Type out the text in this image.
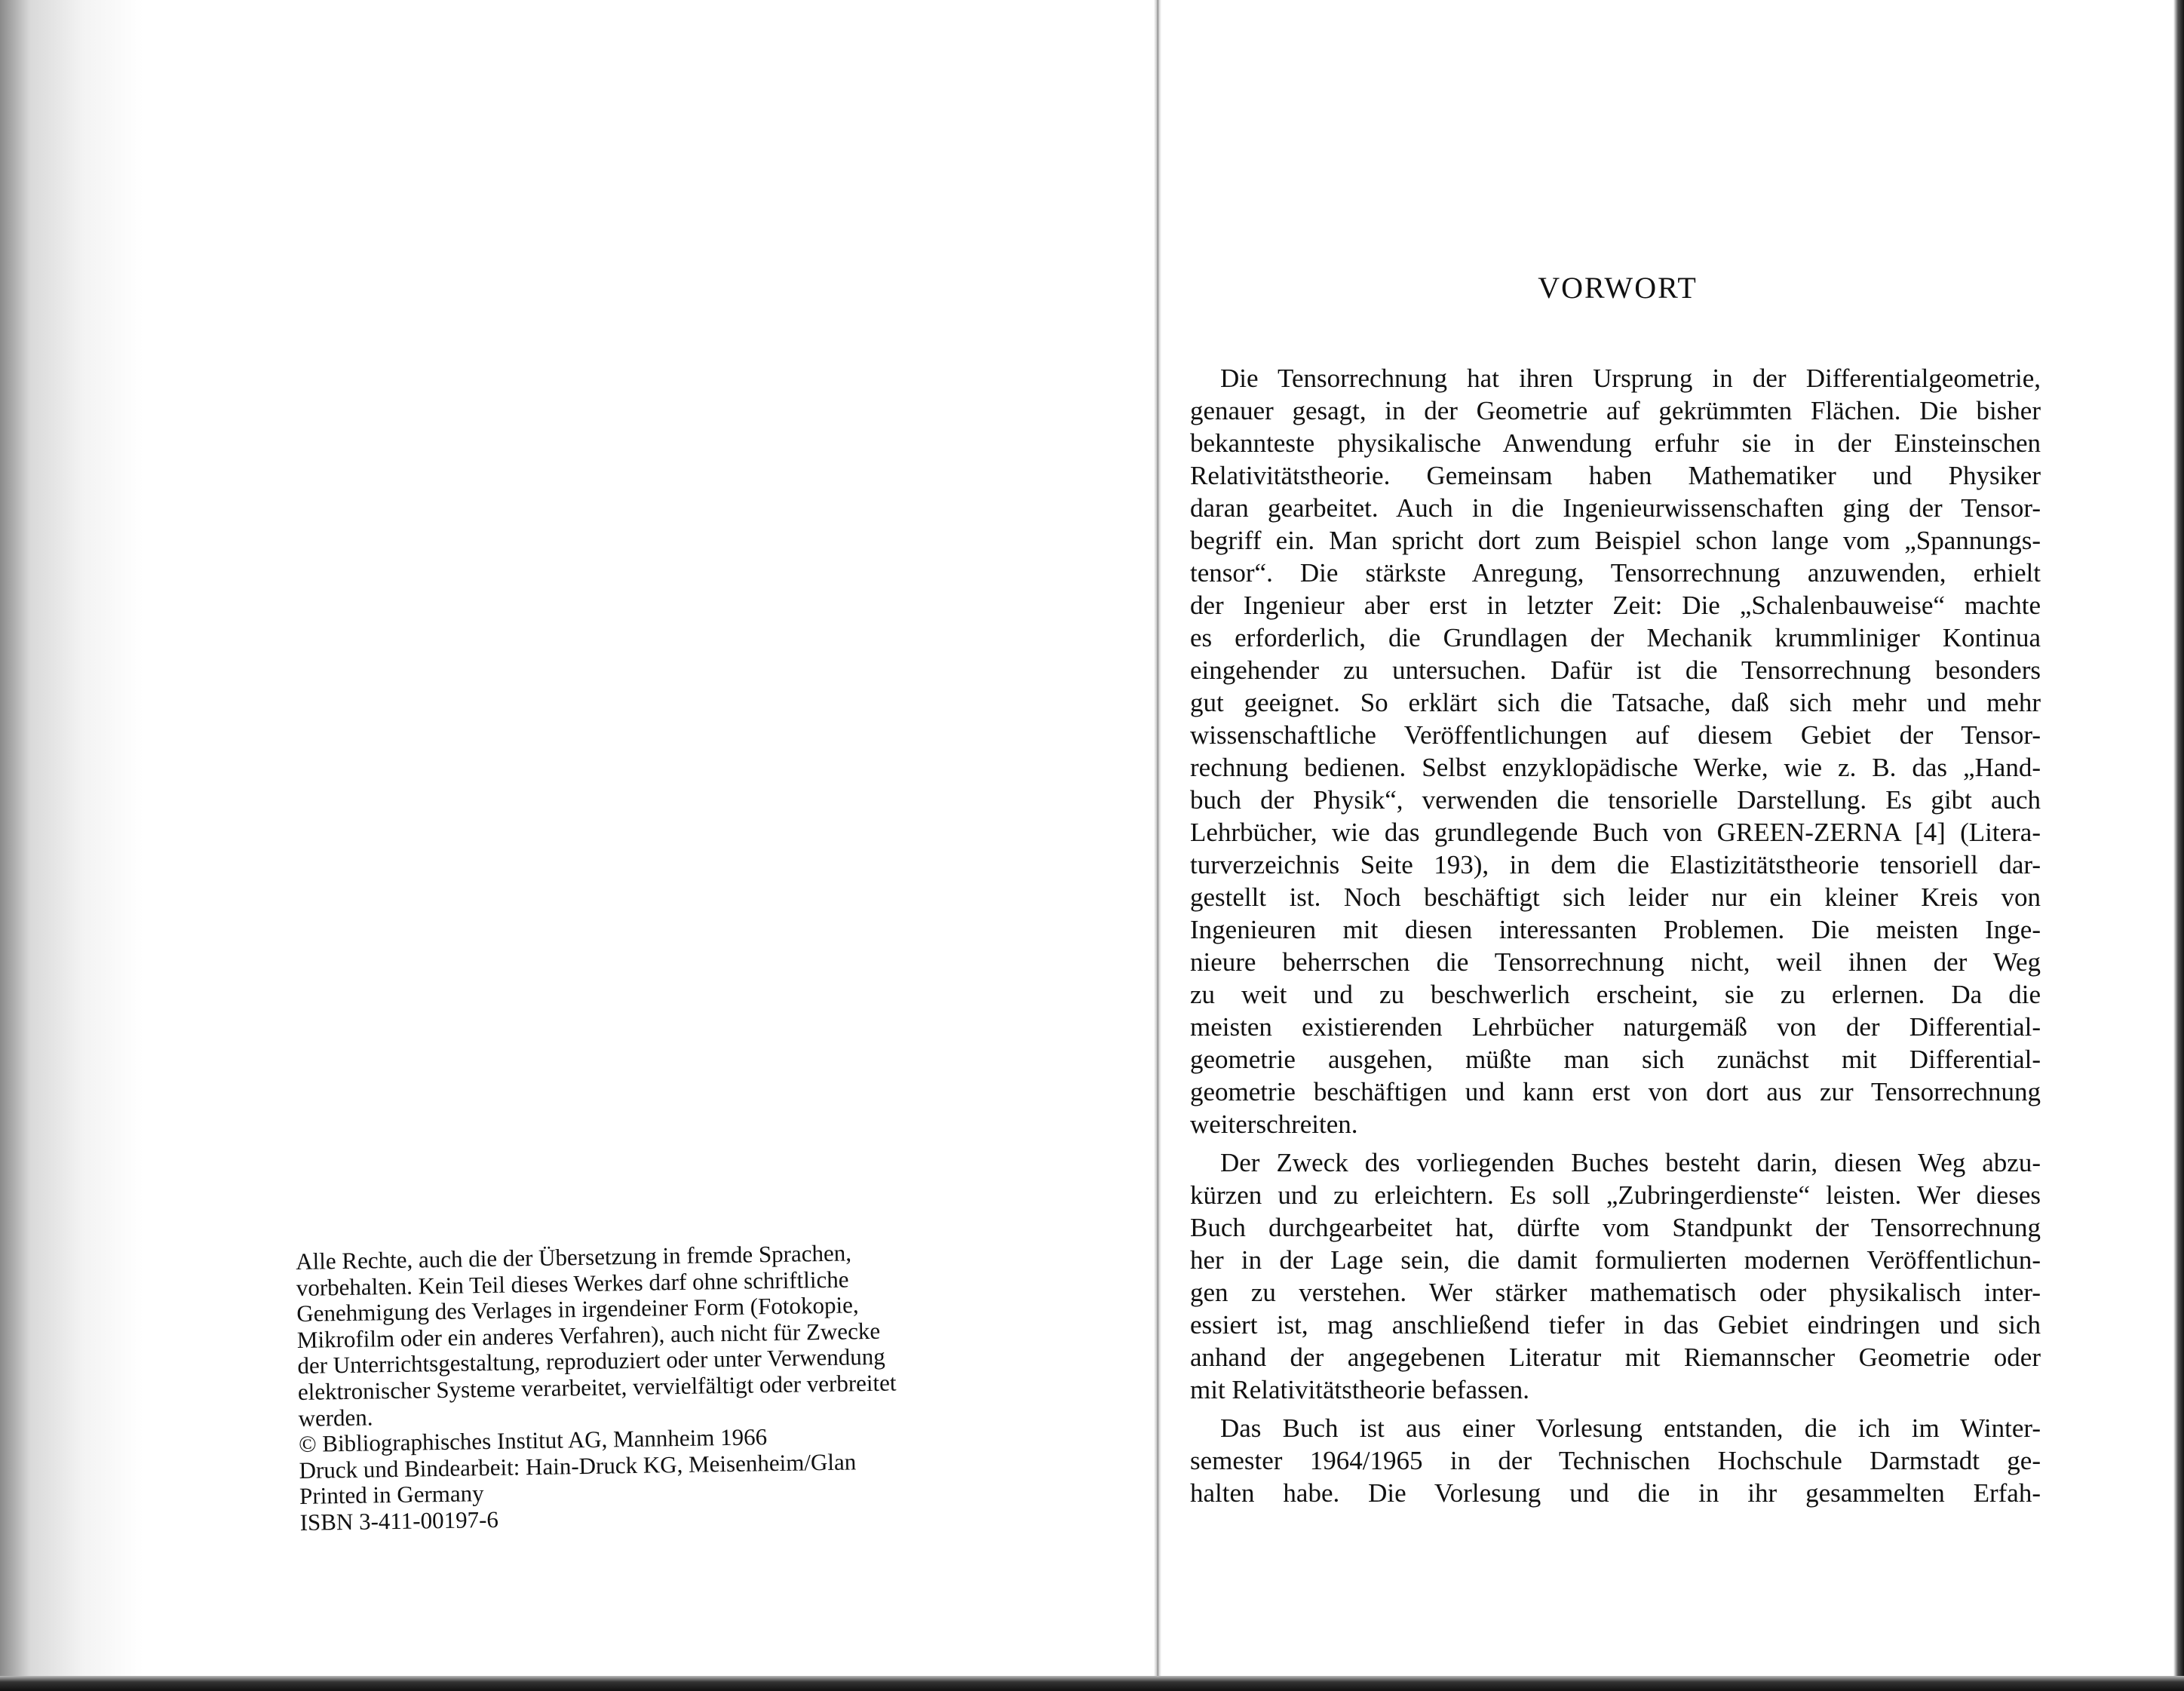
Alle Rechte, auch die der Übersetzung in fremde Sprachen,
vorbehalten. Kein Teil dieses Werkes darf ohne schriftliche
Genehmigung des Verlages in irgendeiner Form (Fotokopie,
Mikrofilm oder ein anderes Verfahren), auch nicht für Zwecke
der Unterrichtsgestaltung, reproduziert oder unter Verwendung
elektronischer Systeme verarbeitet, vervielfältigt oder verbreitet
werden.
© Bibliographisches Institut AG, Mannheim 1966
Druck und Bindearbeit: Hain-Druck KG, Meisenheim/Glan
Printed in Germany
ISBN 3-411-00197-6
VORWORT
Die Tensorrechnung hat ihren Ursprung in der Differentialgeometrie,
genauer gesagt, in der Geometrie auf gekrümmten Flächen. Die bisher
bekannteste physikalische Anwendung erfuhr sie in der Einsteinschen
Relativitätstheorie. Gemeinsam haben Mathematiker und Physiker
daran gearbeitet. Auch in die Ingenieurwissenschaften ging der Tensor-
begriff ein. Man spricht dort zum Beispiel schon lange vom „Spannungs-
tensor“. Die stärkste Anregung, Tensorrechnung anzuwenden, erhielt
der Ingenieur aber erst in letzter Zeit: Die „Schalenbauweise“ machte
es erforderlich, die Grundlagen der Mechanik krummliniger Kontinua
eingehender zu untersuchen. Dafür ist die Tensorrechnung besonders
gut geeignet. So erklärt sich die Tatsache, daß sich mehr und mehr
wissenschaftliche Veröffentlichungen auf diesem Gebiet der Tensor-
rechnung bedienen. Selbst enzyklopädische Werke, wie z. B. das „Hand-
buch der Physik“, verwenden die tensorielle Darstellung. Es gibt auch
Lehrbücher, wie das grundlegende Buch von GREEN-ZERNA [4] (Litera-
turverzeichnis Seite 193), in dem die Elastizitätstheorie tensoriell dar-
gestellt ist. Noch beschäftigt sich leider nur ein kleiner Kreis von
Ingenieuren mit diesen interessanten Problemen. Die meisten Inge-
nieure beherrschen die Tensorrechnung nicht, weil ihnen der Weg
zu weit und zu beschwerlich erscheint, sie zu erlernen. Da die
meisten existierenden Lehrbücher naturgemäß von der Differential-
geometrie ausgehen, müßte man sich zunächst mit Differential-
geometrie beschäftigen und kann erst von dort aus zur Tensorrechnung
weiterschreiten.
Der Zweck des vorliegenden Buches besteht darin, diesen Weg abzu-
kürzen und zu erleichtern. Es soll „Zubringerdienste“ leisten. Wer dieses
Buch durchgearbeitet hat, dürfte vom Standpunkt der Tensorrechnung
her in der Lage sein, die damit formulierten modernen Veröffentlichun-
gen zu verstehen. Wer stärker mathematisch oder physikalisch inter-
essiert ist, mag anschließend tiefer in das Gebiet eindringen und sich
anhand der angegebenen Literatur mit Riemannscher Geometrie oder
mit Relativitätstheorie befassen.
Das Buch ist aus einer Vorlesung entstanden, die ich im Winter-
semester 1964/1965 in der Technischen Hochschule Darmstadt ge-
halten habe. Die Vorlesung und die in ihr gesammelten Erfah-
